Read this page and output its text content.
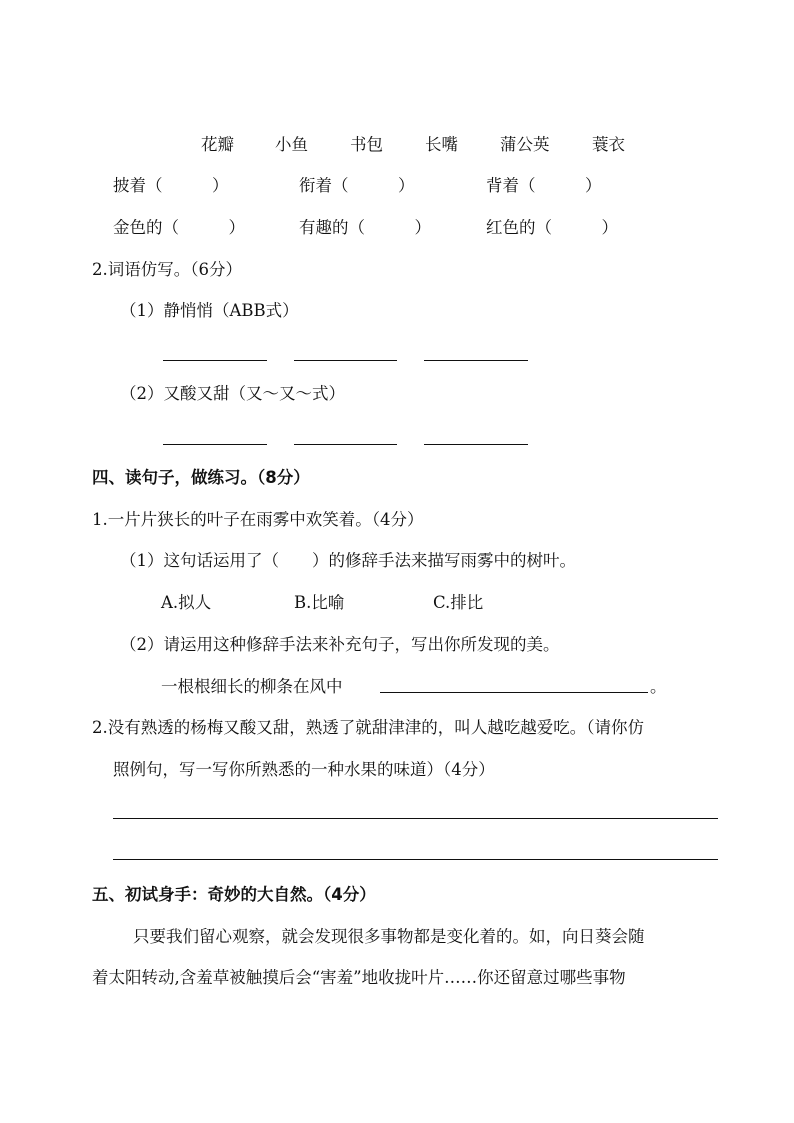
花瓣 小鱼	书包	长嘴	蒲公英	蓑衣
披着（　　　）	衔着（　　　）	背着（　　　）
金色的（　　　）	有趣的（　　　）	红色的（　　　）
2.词语仿写。（6分）
（1）静悄悄（ABB式）
（2）又酸又甜（又～又～式）
四、读句子，做练习。（8分）
1.一片片狭长的叶子在雨雾中欢笑着。（4分）
（1）这句话运用了（　　）的修辞手法来描写雨雾中的树叶。
A.拟人	B.比喻	C.排比
（2）请运用这种修辞手法来补充句子，写出你所发现的美。
一根根细长的柳条在风中	。
2.没有熟透的杨梅又酸又甜，熟透了就甜津津的，叫人越吃越爱吃。（请你仿
照例句，写一写你所熟悉的一种水果的味道）（4分）
五、初试身手：奇妙的大自然。（4分）
只要我们留心观察，就会发现很多事物都是变化着的。如，向日葵会随
着太阳转动,含羞草被触摸后会“害羞”地收拢叶片……你还留意过哪些事物
